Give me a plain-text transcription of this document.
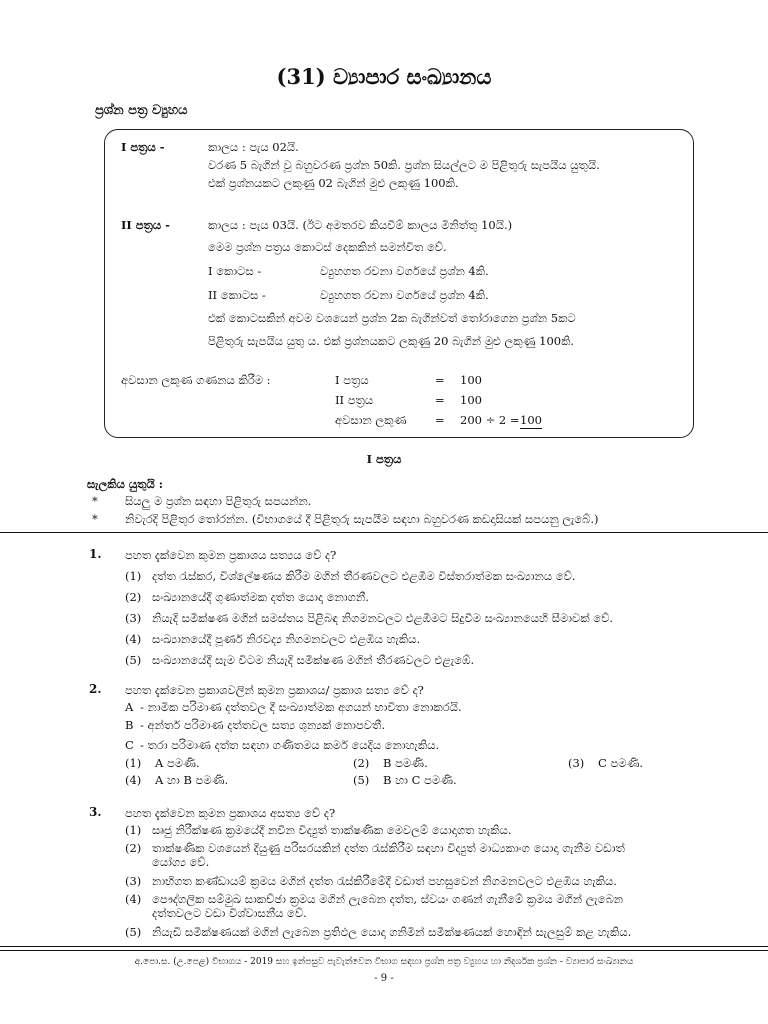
(31) ව්‍යාපාර සංඛ්‍යානය
ප්‍රශ්න පත්‍ර ව්‍යුහය
I පත්‍රය -	කාලය : පැය 02යි.
වරණ 5 බැගින් වූ බහුවරණ ප්‍රශ්න 50කි. ප්‍රශ්න සියල්ලට ම පිළිතුරු සැපයිය යුතුයි.
එක් ප්‍රශ්නයකට ලකුණු 02 බැගින් මුළු ලකුණු 100කි.
II පත්‍රය -	කාලය : පැය 03යි. (ඊට අමතරව කියවීම් කාලය මිනිත්තු 10යි.)
මෙම ප්‍රශ්න පත්‍රය කොටස් දෙකකින් සමන්විත වේ.
I කොටස -	ව්‍යුහගත රචනා වර්ගයේ ප්‍රශ්න 4කි.
II කොටස -	ව්‍යුහගත රචනා වර්ගයේ ප්‍රශ්න 4කි.
එක් කොටසකින් අවම වශයෙන් ප්‍රශ්න 2ක බැගින්වත් තෝරාගෙන ප්‍රශ්න 5කට
පිළිතුරු සැපයිය යුතු ය. එක් ප්‍රශ්නයකට ලකුණු 20 බැගින් මුළු ලකුණු 100කි.
අවසාන ලකුණ ගණනය කිරීම :	I පත්‍රය	= 100
II පත්‍රය	= 100
අවසාන ලකුණ = 200 ÷ 2 = 100
I පත්‍රය
සැලකිය යුතුයි :
* සියලු ම ප්‍රශ්න සඳහා පිළිතුරු සපයන්න.
* නිවැරදි පිළිතුර තෝරන්න. (විභාගයේ දී පිළිතුරු සැපයීම සඳහා බහුවරණ කඩදාසියක් සපයනු ලැබේ.)
1. පහත දැක්වෙන කුමන ප්‍රකාශය සත්‍යය වේ ද?
(1) දත්ත රැස්කර, විශ්ලේෂණය කිරීම මගින් තීරණවලට එළඹීම විස්තරාත්මක සංඛ්‍යානය වේ.
(2) සංඛ්‍යානයේදී ගුණාත්මක දත්ත යොදා නොගනී.
(3) නියැදි සමීක්ෂණ මගින් සමස්තය පිළිබඳ නිගමනවලට එළඹීමට සිදුවීම සංඛ්‍යානයෙහි සීමාවක් වේ.
(4) සංඛ්‍යානයේදී පූර්ණ නිරවද්‍ය නිගමනවලට එළඹිය හැකිය.
(5) සංඛ්‍යානයේදී සැම විටම නියැදි සමීක්ෂණ මගින් තීරණවලට එළැඹේ.
2. පහත දැක්වෙන ප්‍රකාශවලින් කුමන ප්‍රකාශය/ ප්‍රකාශ සත්‍ය වේ ද?
A - නාමික පරිමාණ දත්තවල දී සංඛ්‍යාත්මක අගයන් භාවිතා නොකරයි.
B - අන්තර් පරිමාණ දත්තවල සත්‍ය ශුන්‍යක් නොපවතී.
C - තරා පරිමාණ දත්ත සඳහා ගණිතමය කර්ම යෙදිය නොහැකිය.
(1) A පමණි.	(2) B පමණි.	(3) C පමණි.
(4) A හා B පමණි.	(5) B හා C පමණි.
3. පහත දැක්වෙන කුමන ප්‍රකාශය අසත්‍ය වේ ද?
(1) සෘජු නිරීක්ෂණ ක්‍රමයේදී නවීන විද්‍යුත් තාක්ෂණික මෙවලම් යොදාගත හැකිය.
(2) තාක්ෂණික වශයෙන් දියුණු පරිසරයකින් දත්ත රැස්කිරීම සඳහා විද්‍යුත් මාධ්‍යකාංග යොදා ගැනීම වඩාත්
යෝග්‍ය වේ.
(3) නාභිගත කණ්ඩායම් ක්‍රමය මගින් දත්ත රැස්කිරීමේදී වඩාත් පහසුවෙන් නිගමනවලට එළඹිය හැකිය.
(4) පෞද්ගලික සම්මුඛ සාකච්ඡා ක්‍රමය මගින් ලැබෙන දත්ත, ස්වයං ගණන් ගැනීමේ ක්‍රමය මගින් ලැබෙන
දත්තවලට වඩා විශ්වාසනීය වේ.
(5) නියැඩි සමීක්ෂණයක් මගින් ලැබෙන ප්‍රතිඵල යොදා ගනිමින් සමීක්ෂණයක් හොඳින් සැලසුම් කළ හැකිය.
අ.පො.ස. (උ.පෙළ) විභාගය - 2019 සහ ඉන්පසුව පැවැත්වෙන විභාග සඳහා ප්‍රශ්න පත්‍ර ව්‍යුහය හා නිදර්ශක ප්‍රශ්න - ව්‍යාපාර සංඛ්‍යානය
- 9 -
